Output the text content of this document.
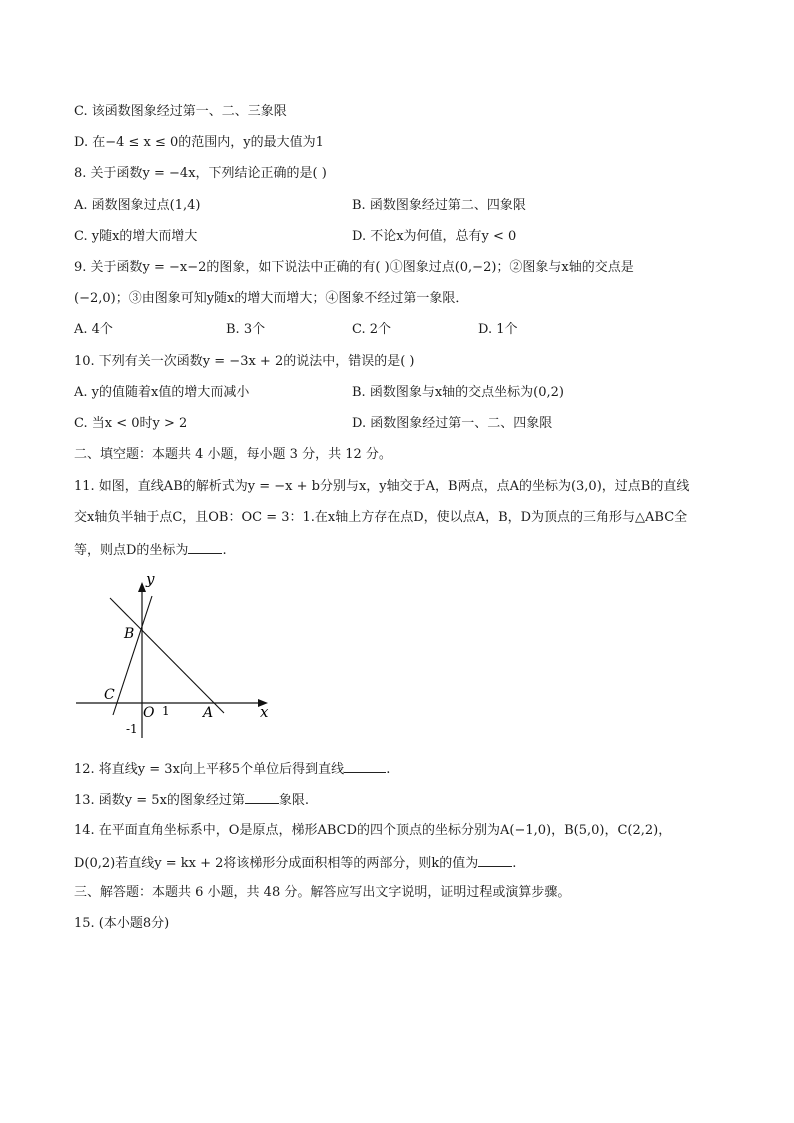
C. 该函数图象经过第一、二、三象限
D. 在−4 ≤ x ≤ 0的范围内，y的最大值为1
8. 关于函数y = −4x，下列结论正确的是( )
A. 函数图象过点(1,4)	B. 函数图象经过第二、四象限
C. y随x的增大而增大	D. 不论x为何值，总有y < 0
9. 关于函数y = −x−2的图象，如下说法中正确的有( )①图象过点(0,−2)；②图象与x轴的交点是
(−2,0)；③由图象可知y随x的增大而增大；④图象不经过第一象限．
A. 4个	B. 3个	C. 2个	D. 1个
10. 下列有关一次函数y = −3x + 2的说法中，错误的是( )
A. y的值随着x值的增大而减小	B. 函数图象与x轴的交点坐标为(0,2)
C. 当x < 0时y > 2	D. 函数图象经过第一、二、四象限
二、填空题：本题共 4 小题，每小题 3 分，共 12 分。
11. 如图，直线AB的解析式为y = −x + b分别与x，y轴交于A，B两点，点A的坐标为(3,0)，过点B的直线
交x轴负半轴于点C，且OB：OC = 3：1.在x轴上方存在点D，使以点A，B，D为顶点的三角形与△ABC全
等，则点D的坐标为	.
y
x
B
C
O	A
1
-1
12. 将直线y = 3x向上平移5个单位后得到直线	.
13. 函数y = 5x的图象经过第	象限.
14. 在平面直角坐标系中，O是原点，梯形ABCD的四个顶点的坐标分别为A(−1,0)，B(5,0)，C(2,2)，
D(0,2)若直线y = kx + 2将该梯形分成面积相等的两部分，则k的值为	.
三、解答题：本题共 6 小题，共 48 分。解答应写出文字说明，证明过程或演算步骤。
15. (本小题8分)
